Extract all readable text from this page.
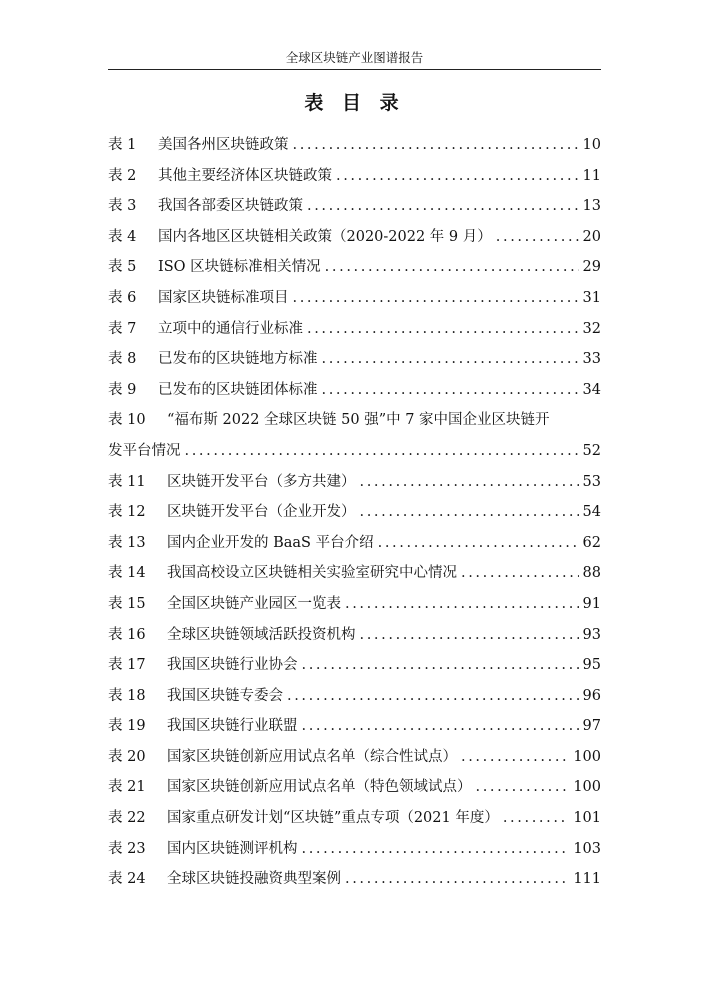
全球区块链产业图谱报告
表 目 录
表 1	美国各州区块链政策 . . .	10
表 2	其他主要经济体区块链政策 . . .	11
表 3	我国各部委区块链政策 . . .	13
表 4	国内各地区区块链相关政策（2020-2022 年 9 月） . . .	20
表 5	ISO 区块链标准相关情况 . . .	29
表 6	国家区块链标准项目 . . .	31
表 7	立项中的通信行业标准 . . .	32
表 8	已发布的区块链地方标准 . . .	33
表 9	已发布的区块链团体标准 . . .	34
表 10	“福布斯 2022 全球区块链 50 强”中 7 家中国企业区块链开
发平台情况 . . .	52
表 11	区块链开发平台（多方共建） . . .	53
表 12	区块链开发平台（企业开发） . . .	54
表 13	国内企业开发的 BaaS 平台介绍 . . .	62
表 14	我国高校设立区块链相关实验室研究中心情况 . . .	88
表 15	全国区块链产业园区一览表 . . .	91
表 16	全球区块链领域活跃投资机构 . . .	93
表 17	我国区块链行业协会 . . .	95
表 18	我国区块链专委会 . . .	96
表 19	我国区块链行业联盟 . . .	97
表 20	国家区块链创新应用试点名单（综合性试点） . . .	100
表 21	国家区块链创新应用试点名单（特色领域试点） . . .	100
表 22	国家重点研发计划“区块链”重点专项（2021 年度） . . .	101
表 23	国内区块链测评机构 . . .	103
表 24	全球区块链投融资典型案例 . . .	111
